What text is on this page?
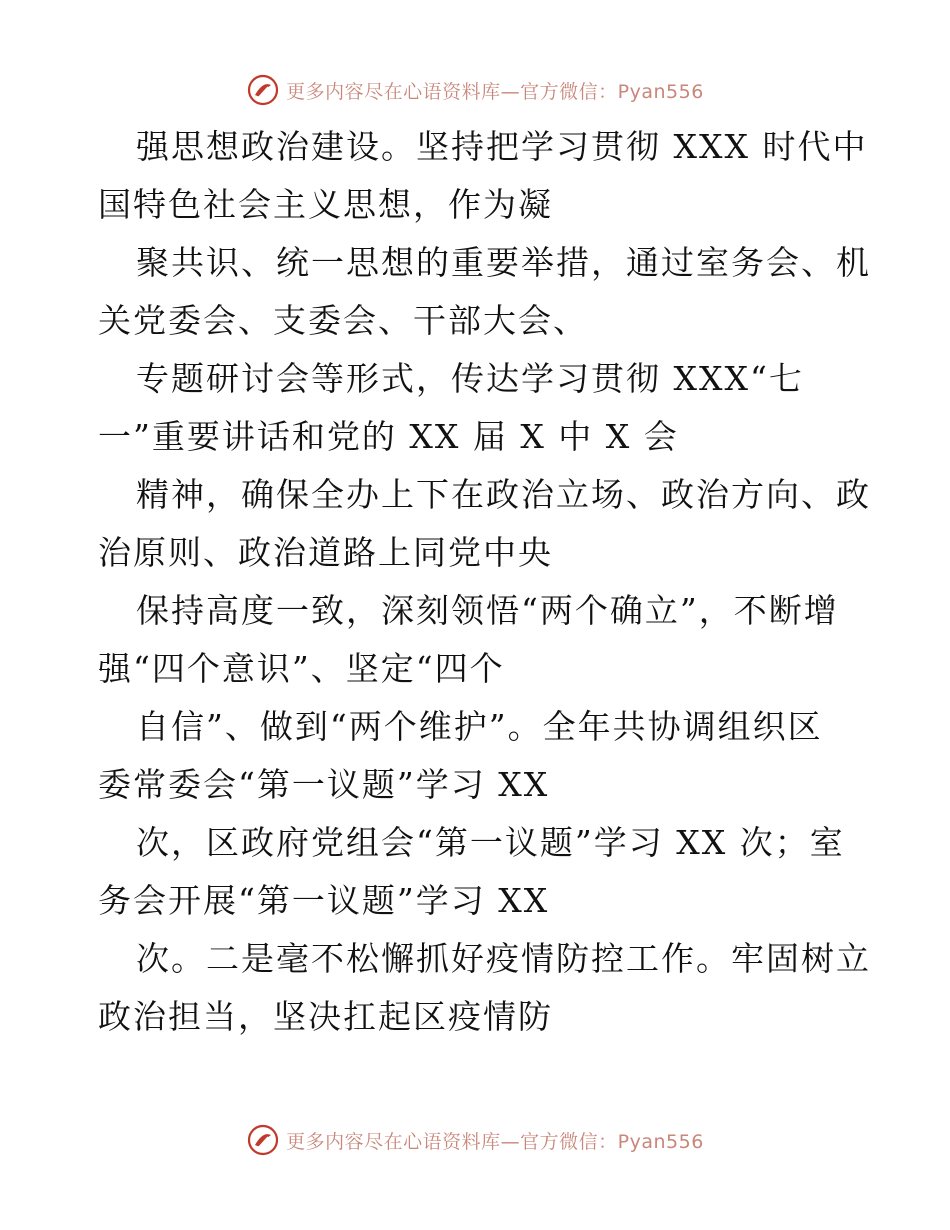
更多内容尽在心语资料库—官方微信：Pyan556
强思想政治建设。坚持把学习贯彻 XXX 时代中
国特色社会主义思想，作为凝
聚共识、统一思想的重要举措，通过室务会、机
关党委会、支委会、干部大会、
专题研讨会等形式，传达学习贯彻 XXX“七
一”重要讲话和党的 XX 届 X 中 X 会
精神，确保全办上下在政治立场、政治方向、政
治原则、政治道路上同党中央
保持高度一致，深刻领悟“两个确立”，不断增
强“四个意识”、坚定“四个
自信”、做到“两个维护”。全年共协调组织区
委常委会“第一议题”学习 XX
次，区政府党组会“第一议题”学习 XX 次；室
务会开展“第一议题”学习 XX
次。二是毫不松懈抓好疫情防控工作。牢固树立
政治担当，坚决扛起区疫情防
更多内容尽在心语资料库—官方微信：Pyan556
